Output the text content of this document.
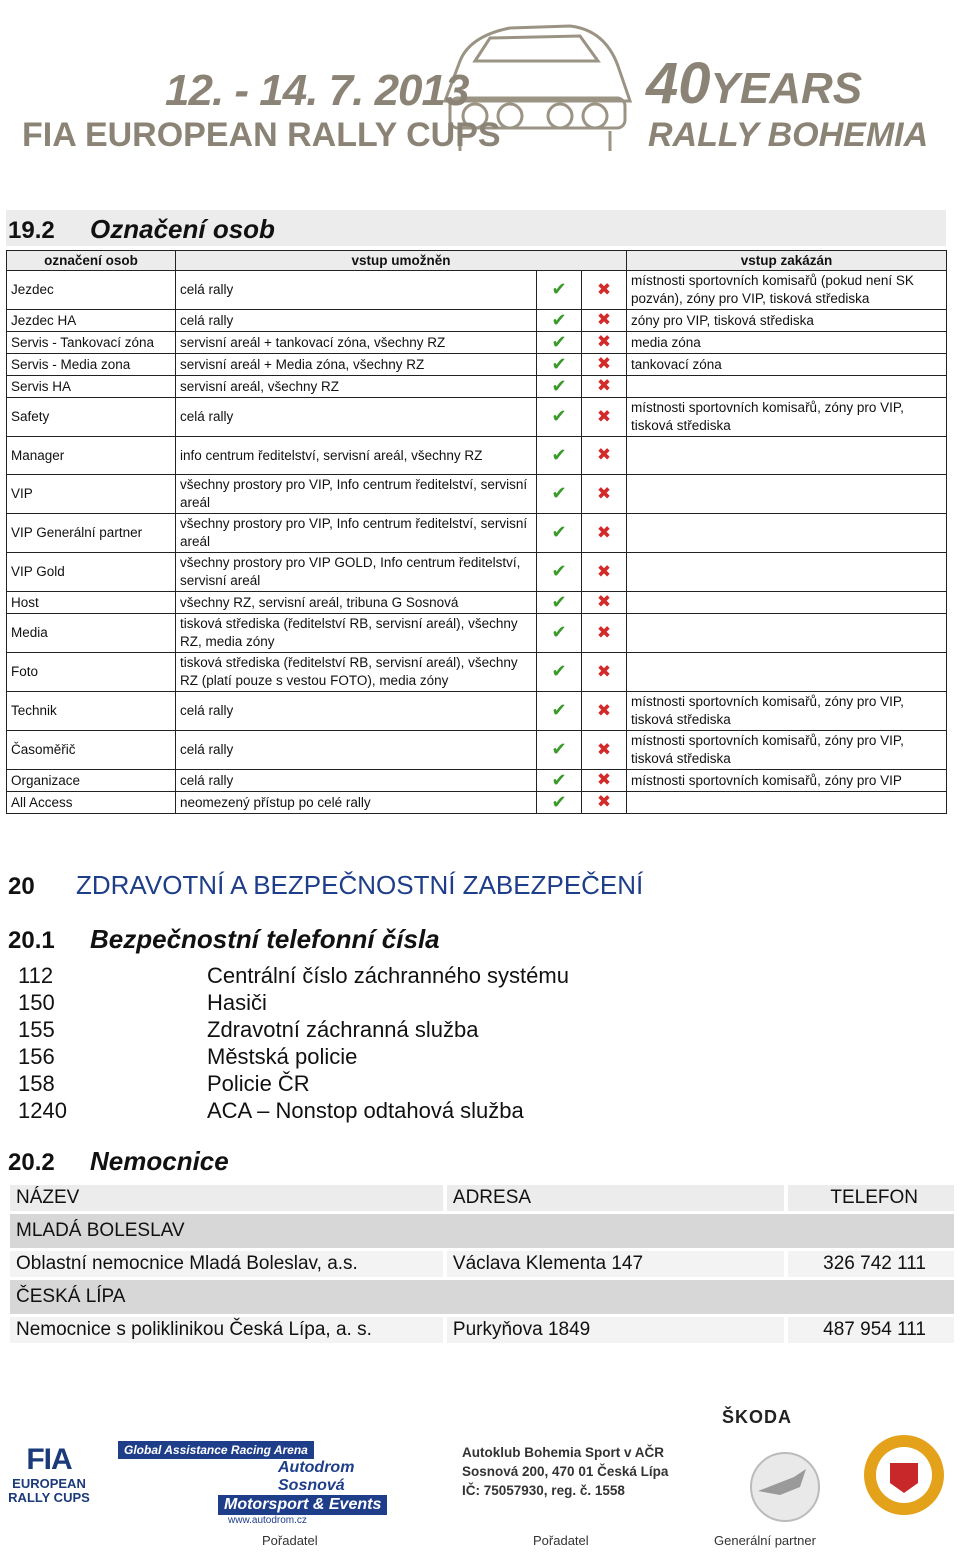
12. - 14. 7. 2013
FIA EUROPEAN RALLY CUPS
40YEARS
RALLY BOHEMIA
19.2 Označení osob
označení osob	vstup umožněn			vstup zakázán
Jezdec	celá rally	✔	✖	místnosti sportovních komisařů (pokud není SK pozván), zóny pro VIP, tisková střediska
Jezdec HA	celá rally	✔	✖	zóny pro VIP, tisková střediska
Servis - Tankovací zóna	servisní areál + tankovací zóna, všechny RZ	✔	✖	media zóna
Servis - Media zona	servisní areál + Media zóna, všechny RZ	✔	✖	tankovací zóna
Servis HA	servisní areál, všechny RZ	✔	✖	
Safety	celá rally	✔	✖	místnosti sportovních komisařů, zóny pro VIP, tisková střediska
Manager	info centrum ředitelství, servisní areál, všechny RZ	✔	✖	
VIP	všechny prostory pro VIP, Info centrum ředitelství, servisní areál	✔	✖	
VIP Generální partner	všechny prostory pro VIP, Info centrum ředitelství, servisní areál	✔	✖	
VIP Gold	všechny prostory pro VIP GOLD, Info centrum ředitelství, servisní areál	✔	✖	
Host	všechny RZ, servisní areál, tribuna G Sosnová	✔	✖	
Media	tisková střediska (ředitelství RB, servisní areál), všechny RZ, media zóny	✔	✖	
Foto	tisková střediska (ředitelství RB, servisní areál), všechny RZ (platí pouze s vestou FOTO), media zóny	✔	✖	
Technik	celá rally	✔	✖	místnosti sportovních komisařů, zóny pro VIP, tisková střediska
Časoměřič	celá rally	✔	✖	místnosti sportovních komisařů, zóny pro VIP, tisková střediska
Organizace	celá rally	✔	✖	místnosti sportovních komisařů, zóny pro VIP
All Access	neomezený přístup po celé rally	✔	✖	
20 ZDRAVOTNÍ A BEZPEČNOSTNÍ ZABEZPEČENÍ
20.1 Bezpečnostní telefonní čísla
112	Centrální číslo záchranného systému
150	Hasiči
155	Zdravotní záchranná služba
156	Městská policie
158	Policie ČR
1240	ACA – Nonstop odtahová služba
20.2 Nemocnice
NÁZEV	ADRESA	TELEFON
MLADÁ BOLESLAV		
Oblastní nemocnice Mladá Boleslav, a.s.	Václava Klementa 147	326 742 111
ČESKÁ LÍPA		
Nemocnice s poliklinikou Česká Lípa, a. s.	Purkyňova 1849	487 954 111
FIA
EUROPEAN
RALLY CUPS
Global Assistance Racing Arena
Autodrom Sosnová
Motorsport & Events
www.autodrom.cz
Pořadatel
Autoklub Bohemia Sport v AČR
Sosnová 200, 470 01 Česká Lípa
IČ: 75057930, reg. č. 1558
Pořadatel
ŠKODA
Generální partner
